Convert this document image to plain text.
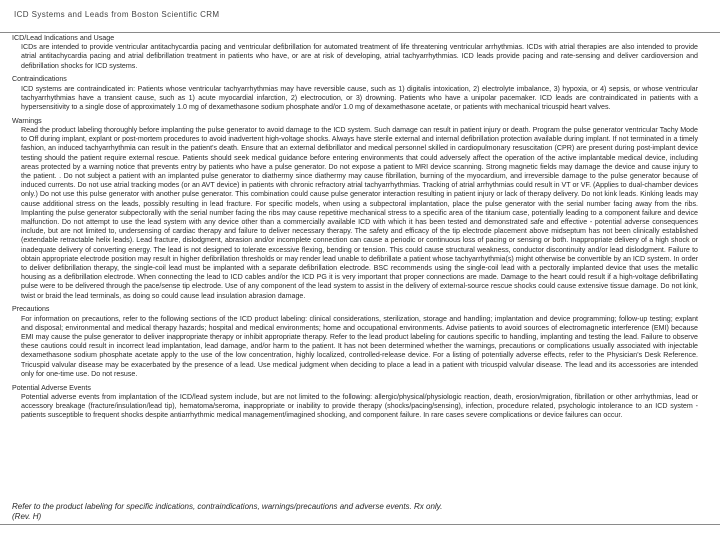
ICD Systems and Leads from Boston Scientific CRM
ICD/Lead Indications and Usage
ICDs are intended to provide ventricular antitachycardia pacing and ventricular defibrillation for automated treatment of life threatening ventricular arrhythmias. ICDs with atrial therapies are also intended to provide atrial antitachycardia pacing and atrial defibrillation treatment in patients who have, or are at risk of developing, atrial tachyarrhythmias. ICD leads provide pacing and rate-sensing and deliver cardioversion and defibrillation shocks for ICD systems.
Contraindications
ICD systems are contraindicated in: Patients whose ventricular tachyarrhythmias may have reversible cause, such as 1) digitalis intoxication, 2) electrolyte imbalance, 3) hypoxia, or 4) sepsis, or whose ventricular tachyarrhythmias have a transient cause, such as 1) acute myocardial infarction, 2) electrocution, or 3) drowning. Patients who have a unipolar pacemaker. ICD leads are contraindicated in patients with a hypersensitivity to a single dose of approximately 1.0 mg of dexamethasone sodium phosphate and/or 1.0 mg of dexamethasone acetate, or patients with mechanical tricuspid heart valves.
Warnings
Read the product labeling thoroughly before implanting the pulse generator to avoid damage to the ICD system. Such damage can result in patient injury or death. Program the pulse generator ventricular Tachy Mode to Off during implant, explant or post-mortem procedures to avoid inadvertent high-voltage shocks. Always have sterile external and internal defibrillation protection available during implant. If not terminated in a timely fashion, an induced tachyarrhythmia can result in the patient's death. Ensure that an external defibrillator and medical personnel skilled in cardiopulmonary resuscitation (CPR) are present during post-implant device testing should the patient require external rescue. Patients should seek medical guidance before entering environments that could adversely affect the operation of the active implantable medical device, including areas protected by a warning notice that prevents entry by patients who have a pulse generator. Do not expose a patient to MRI device scanning. Strong magnetic fields may damage the device and cause injury to the patient. . Do not subject a patient with an implanted pulse generator to diathermy since diathermy may cause fibrillation, burning of the myocardium, and irreversible damage to the pulse generator because of induced currents. Do not use atrial tracking modes (or an AVT device) in patients with chronic refractory atrial tachyarrhythmias. Tracking of atrial arrhythmias could result in VT or VF. (Applies to dual-chamber devices only.) Do not use this pulse generator with another pulse generator. This combination could cause pulse generator interaction resulting in patient injury or lack of therapy delivery. Do not kink leads. Kinking leads may cause additional stress on the leads, possibly resulting in lead fracture. For specific models, when using a subpectoral implantation, place the pulse generator with the serial number facing away from the ribs. Implanting the pulse generator subpectorally with the serial number facing the ribs may cause repetitive mechanical stress to a specific area of the titanium case, potentially leading to a component failure and device malfunction. Do not attempt to use the lead system with any device other than a commercially available ICD with which it has been tested and demonstrated safe and effective - potential adverse consequences include, but are not limited to, undersensing of cardiac therapy and failure to deliver necessary therapy. The safety and efficacy of the tip electrode placement above midseptum has not been clinically established (extendable retractable helix leads). Lead fracture, dislodgment, abrasion and/or incomplete connection can cause a periodic or continuous loss of pacing or sensing or both. Inappropriate delivery of a high shock or inadequate delivery of converting energy. The lead is not designed to tolerate excessive flexing, bending or tension. This could cause structural weakness, conductor discontinuity and/or lead dislodgment. Failure to obtain appropriate electrode position may result in higher defibrillation thresholds or may render lead unable to defibrillate a patient whose tachyarrhythmia(s) might otherwise be convertible by an ICD system. In order to deliver defibrillation therapy, the single-coil lead must be implanted with a separate defibrillation electrode. BSC recommends using the single-coil lead with a pectorally implanted device that uses the metallic housing as a defibrillation electrode. When connecting the lead to ICD cables and/or the ICD PG it is very important that proper connections are made. Damage to the heart could result if a high-voltage defibrillating pulse were to be delivered through the pace/sense tip electrode. Use of any component of the lead system to assist in the delivery of external-source rescue shocks could cause extensive tissue damage. Do not kink, twist or braid the lead terminals, as doing so could cause lead insulation abrasion damage.
Precautions
For information on precautions, refer to the following sections of the ICD product labeling: clinical considerations, sterilization, storage and handling; implantation and device programming; follow-up testing; explant and disposal; environmental and medical therapy hazards; hospital and medical environments; home and occupational environments. Advise patients to avoid sources of electromagnetic interference (EMI) because EMI may cause the pulse generator to deliver inappropriate therapy or inhibit appropriate therapy. Refer to the lead product labeling for cautions specific to handling, implanting and testing the lead. Failure to observe these cautions could result in incorrect lead implantation, lead damage, and/or harm to the patient. It has not been determined whether the warnings, precautions or complications usually associated with injectable dexamethasone sodium phosphate acetate apply to the use of the low concentration, highly localized, controlled-release device. For a listing of potentially adverse effects, refer to the Physician's Desk Reference. Tricuspid valvular disease may be exacerbated by the presence of a lead. Use medical judgment when deciding to place a lead in a patient with tricuspid valvular disease. The lead and its accessories are intended only for one-time use. Do not resuse.
Potential Adverse Events
Potential adverse events from implantation of the ICD/lead system include, but are not limited to the following: allergic/physical/physiologic reaction, death, erosion/migration, fibrillation or other arrhythmias, lead or accessory breakage (fracture/insulation/lead tip), hematoma/seroma, inappropriate or inability to provide therapy (shocks/pacing/sensing), infection, procedure related, psychologic intolerance to an ICD system - patients susceptible to frequent shocks despite antiarrhythmic medical management/imagined shocking, and component failure. In rare cases severe complications or device failures can occur.
Refer to the product labeling for specific indications, contraindications, warnings/precautions and adverse events. Rx only.
(Rev. H)
